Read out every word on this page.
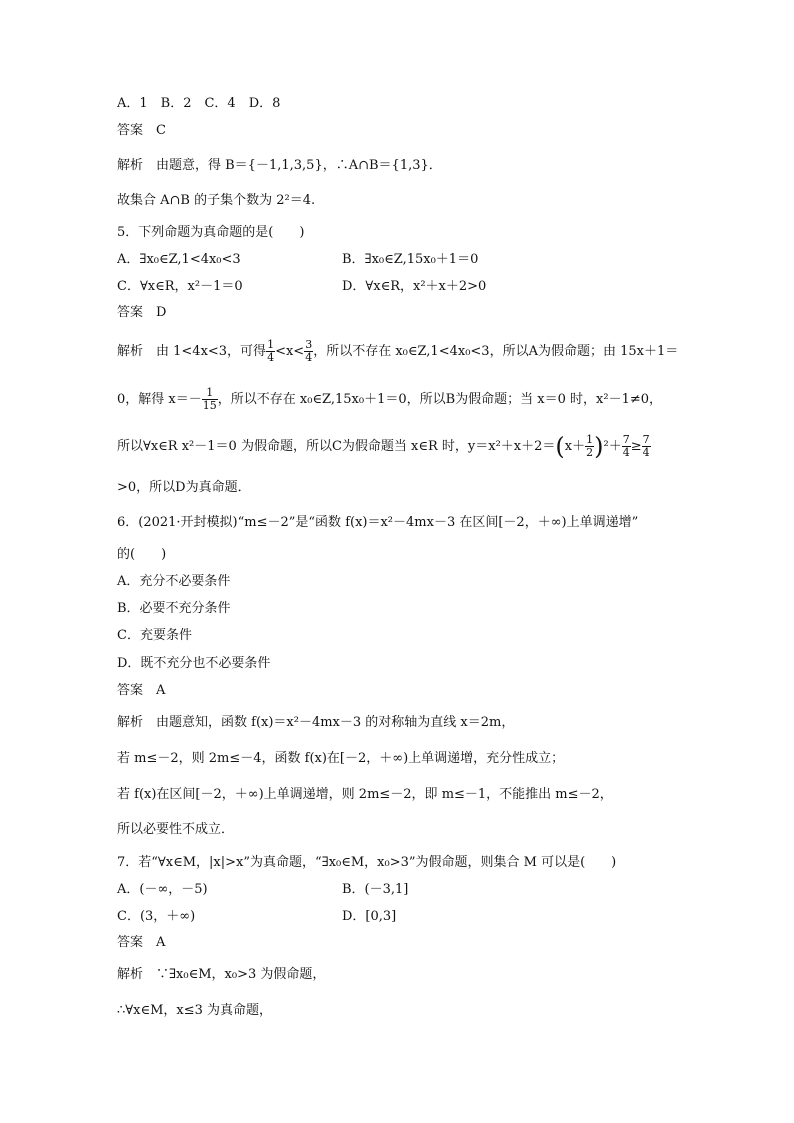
A．1　B．2　C．4　D．8
答案　C
解析　由题意，得 B＝{－1,1,3,5}，∴A∩B＝{1,3}．
故集合 A∩B 的子集个数为 2²＝4.
5．下列命题为真命题的是(　　)
A．∃x₀∈Z,1<4x₀<3	B．∃x₀∈Z,15x₀＋1＝0
C．∀x∈R，x²－1＝0	D．∀x∈R，x²＋x＋2>0
答案　D
解析　由 1<4x<3，可得 $\frac{1}{4} <x< \frac{3}{4}$ ，所以不存在 x₀∈Z,1<4x₀<3，所以A为假命题；由 15x＋1＝
0，解得 $x=- \frac{1}{15}$ ，所以不存在 x₀∈Z,15x₀＋1＝0，所以B为假命题；当 x＝0 时，x²－1≠0，
所以∀x∈R x²－1＝0 为假命题，所以C为假命题当 x∈R 时，$y=x^2+x+2=(x+ \frac{1}{2} )^2+ \frac{7}{4} \ge \frac{7}{4}$
>0，所以D为真命题．
6．(2021·开封模拟)“m≤－2”是“函数 f(x)＝x²－4mx－3 在区间[－2，＋∞)上单调递增”
的(　　)
A．充分不必要条件
B．必要不充分条件
C．充要条件
D．既不充分也不必要条件
答案　A
解析　由题意知，函数 f(x)＝x²－4mx－3 的对称轴为直线 x＝2m，
若 m≤－2，则 2m≤－4，函数 f(x)在[－2，＋∞)上单调递增，充分性成立；
若 f(x)在区间[－2，＋∞)上单调递增，则 2m≤－2，即 m≤－1，不能推出 m≤－2，
所以必要性不成立．
7．若“∀x∈M，|x|>x”为真命题，“∃x₀∈M，x₀>3”为假命题，则集合 M 可以是(　　)
A．(－∞，－5)	B．(－3,1]
C．(3，＋∞)	D．[0,3]
答案　A
解析　∵∃x₀∈M，x₀>3 为假命题，
∴∀x∈M，x≤3 为真命题，
